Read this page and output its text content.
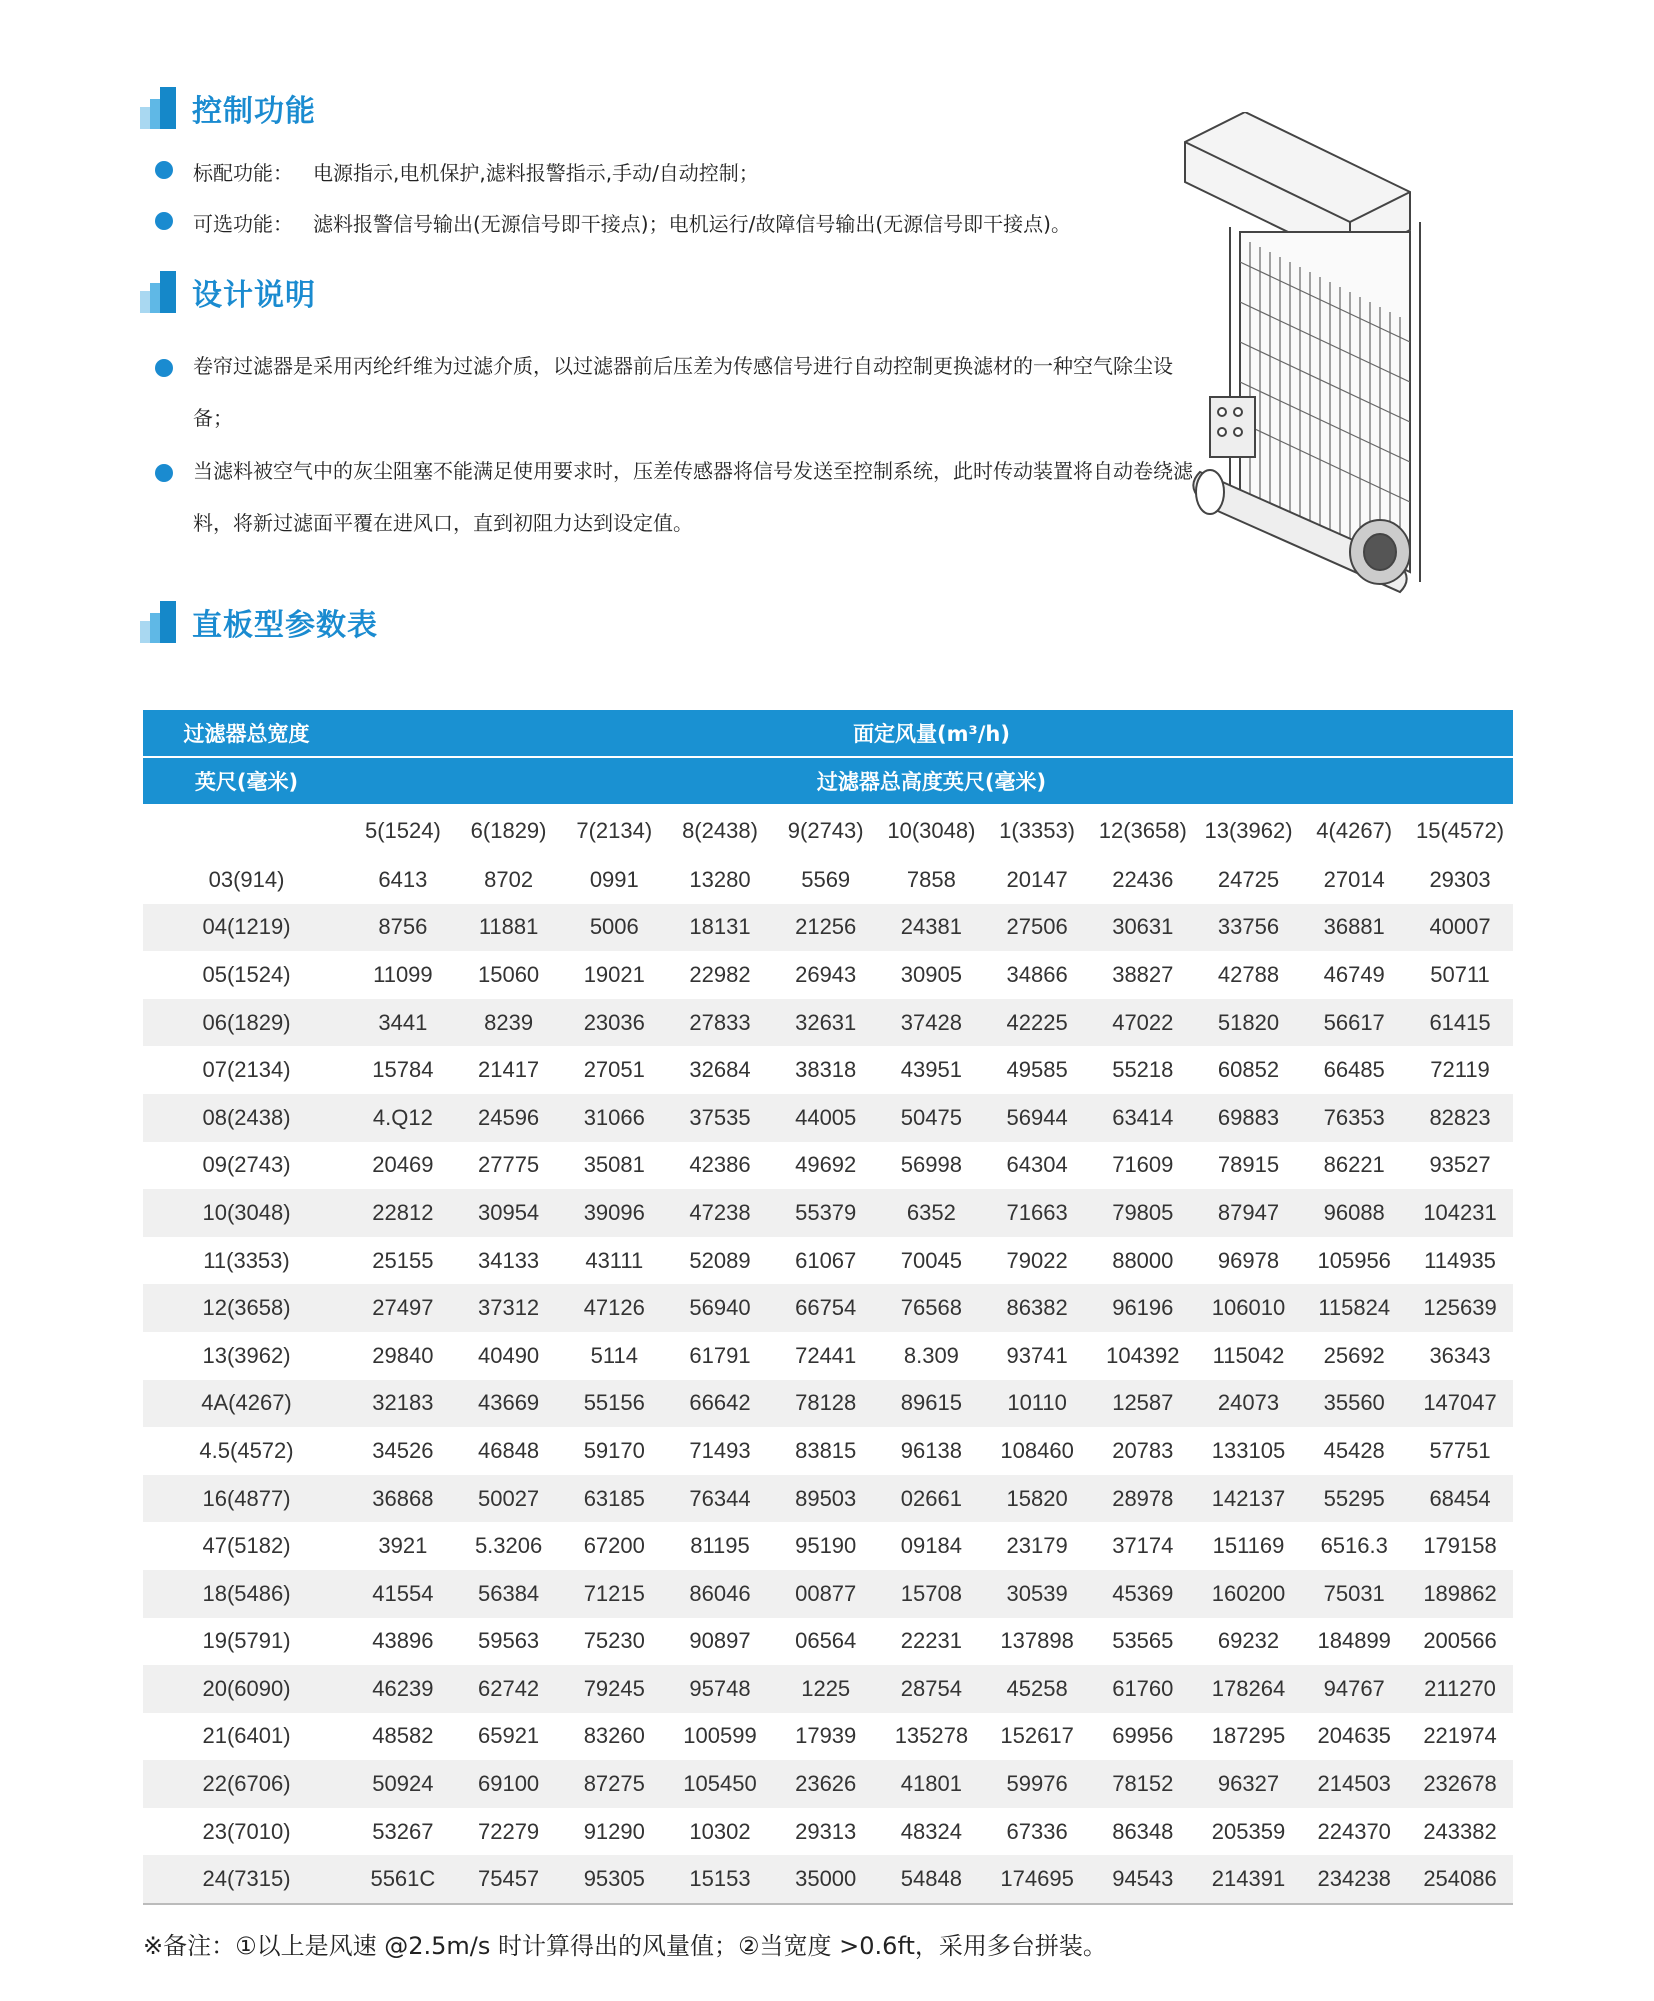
控制功能
标配功能： 电源指示,电机保护,滤料报警指示,手动/自动控制；
可选功能： 滤料报警信号输出(无源信号即干接点)；电机运行/故障信号输出(无源信号即干接点)。
设计说明
卷帘过滤器是采用丙纶纤维为过滤介质，以过滤器前后压差为传感信号进行自动控制更换滤材的一种空气除尘设备；
当滤料被空气中的灰尘阻塞不能满足使用要求时，压差传感器将信号发送至控制系统，此时传动装置将自动卷绕滤料，将新过滤面平覆在进风口，直到初阻力达到设定值。
直板型参数表
过滤器总宽度	面定风量(m³/h)										
英尺(毫米)	过滤器总高度英尺(毫米)										
	5(1524)	6(1829)	7(2134)	8(2438)	9(2743)	10(3048)	1(3353)	12(3658)	13(3962)	4(4267)	15(4572)
03(914)	6413	8702	0991	13280	5569	7858	20147	22436	24725	27014	29303
04(1219)	8756	11881	5006	18131	21256	24381	27506	30631	33756	36881	40007
05(1524)	11099	15060	19021	22982	26943	30905	34866	38827	42788	46749	50711
06(1829)	3441	8239	23036	27833	32631	37428	42225	47022	51820	56617	61415
07(2134)	15784	21417	27051	32684	38318	43951	49585	55218	60852	66485	72119
08(2438)	4.Q12	24596	31066	37535	44005	50475	56944	63414	69883	76353	82823
09(2743)	20469	27775	35081	42386	49692	56998	64304	71609	78915	86221	93527
10(3048)	22812	30954	39096	47238	55379	6352	71663	79805	87947	96088	104231
11(3353)	25155	34133	43111	52089	61067	70045	79022	88000	96978	105956	114935
12(3658)	27497	37312	47126	56940	66754	76568	86382	96196	106010	115824	125639
13(3962)	29840	40490	5114	61791	72441	8.309	93741	104392	115042	25692	36343
4A(4267)	32183	43669	55156	66642	78128	89615	10110	12587	24073	35560	147047
4.5(4572)	34526	46848	59170	71493	83815	96138	108460	20783	133105	45428	57751
16(4877)	36868	50027	63185	76344	89503	02661	15820	28978	142137	55295	68454
47(5182)	3921	5.3206	67200	81195	95190	09184	23179	37174	151169	6516.3	179158
18(5486)	41554	56384	71215	86046	00877	15708	30539	45369	160200	75031	189862
19(5791)	43896	59563	75230	90897	06564	22231	137898	53565	69232	184899	200566
20(6090)	46239	62742	79245	95748	1225	28754	45258	61760	178264	94767	211270
21(6401)	48582	65921	83260	100599	17939	135278	152617	69956	187295	204635	221974
22(6706)	50924	69100	87275	105450	23626	41801	59976	78152	96327	214503	232678
23(7010)	53267	72279	91290	10302	29313	48324	67336	86348	205359	224370	243382
24(7315)	5561C	75457	95305	15153	35000	54848	174695	94543	214391	234238	254086
※备注：①以上是风速 @2.5m/s 时计算得出的风量值；②当宽度 >0.6ft，采用多台拼装。
